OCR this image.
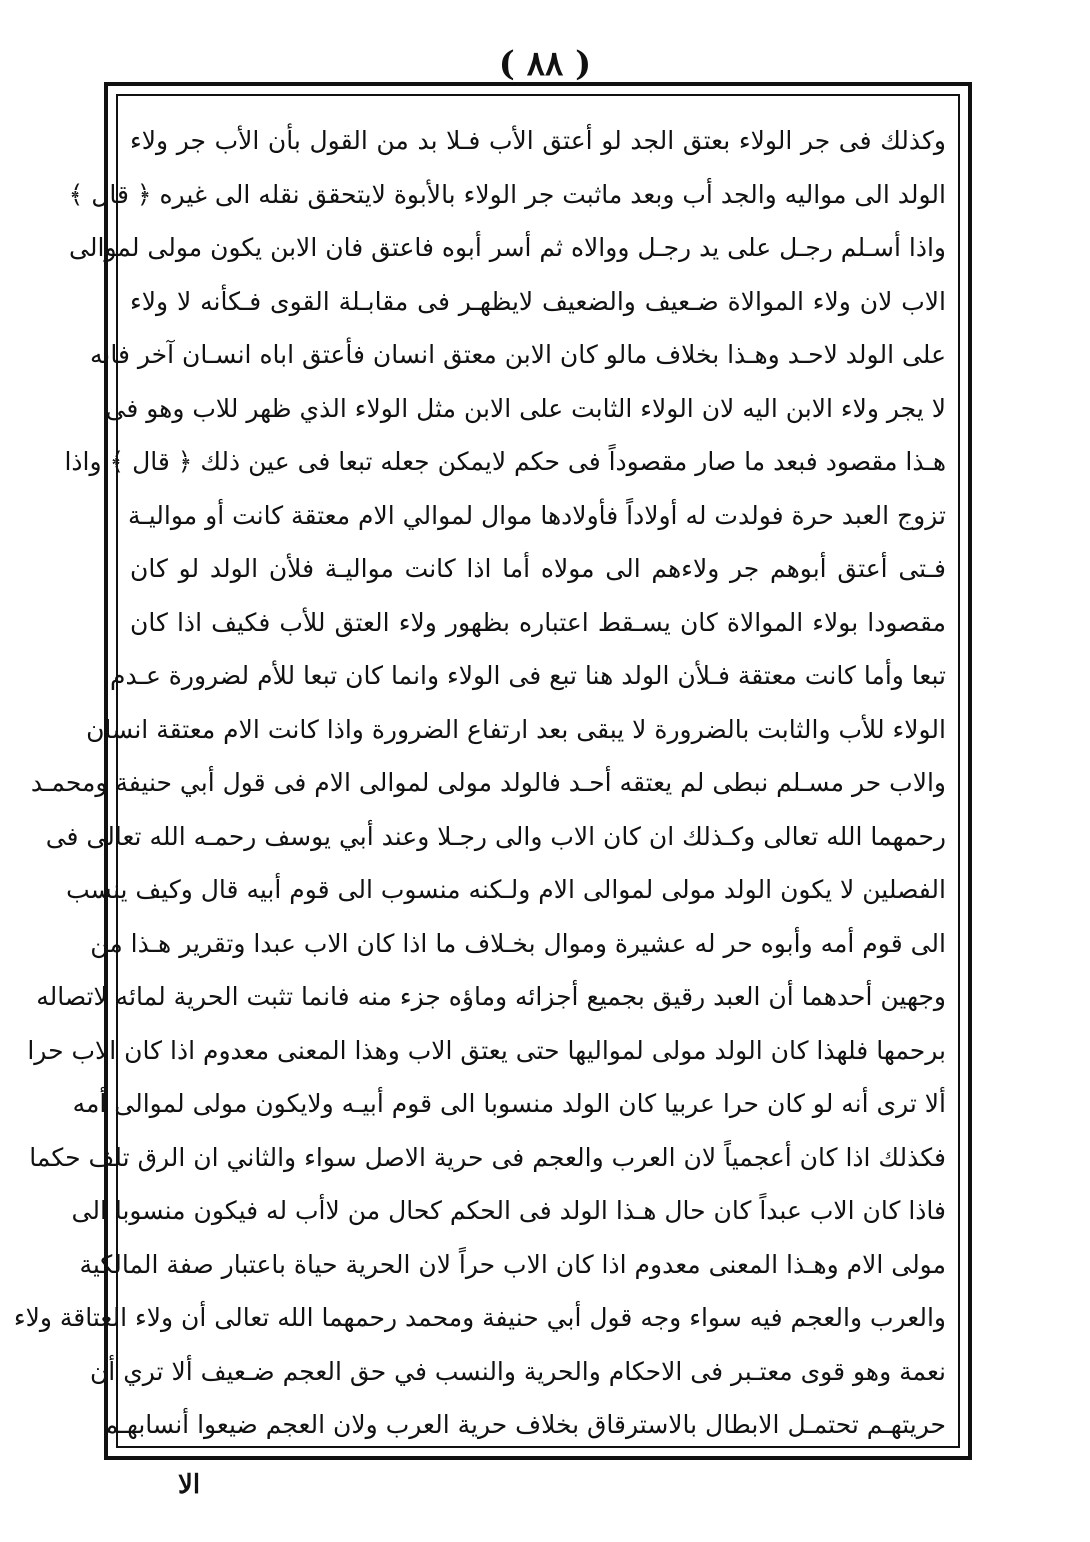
( ٨٨ )
وكذلك فى جر الولاء بعتق الجد لو أعتق الأب فـلا بد من القول بأن الأب جر ولاء
الولد الى مواليه والجد أب وبعد ماثبت جر الولاء بالأبوة لايتحقق نقله الى غيره ﴿ قال ﴾
واذا أسـلم رجـل على يد رجـل ووالاه ثم أسر أبوه فاعتق فان الابن يكون مولى لموالى
الاب لان ولاء الموالاة ضـعيف والضعيف لايظهـر فى مقابـلة القوى فـكأنه لا ولاء
على الولد لاحـد وهـذا بخلاف مالو كان الابن معتق انسان فأعتق اباه انسـان آخر فانه
لا يجر ولاء الابن اليه لان الولاء الثابت على الابن مثل الولاء الذي ظهر للاب وهو فى
هـذا مقصود فبعد ما صار مقصوداً فى حكم لايمكن جعله تبعا فى عين ذلك ﴿ قال ﴾ واذا
تزوج العبد حرة فولدت له أولاداً فأولادها موال لموالي الام معتقة كانت أو مواليـة
فـتى أعتق أبوهم جر ولاءهم الى مولاه أما اذا كانت مواليـة فلأن الولد لو كان
مقصودا بولاء الموالاة كان يسـقط اعتباره بظهور ولاء العتق للأب فكيف اذا كان
تبعا وأما كانت معتقة فـلأن الولد هنا تبع فى الولاء وانما كان تبعا للأم لضرورة عـدم
الولاء للأب والثابت بالضرورة لا يبقى بعد ارتفاع الضرورة واذا كانت الام معتقة انسان
والاب حر مسـلم نبطى لم يعتقه أحـد فالولد مولى لموالى الام فى قول أبي حنيفة ومحمـد
رحمهما الله تعالى وكـذلك ان كان الاب والى رجـلا وعند أبي يوسف رحمـه الله تعالى فى
الفصلين لا يكون الولد مولى لموالى الام ولـكنه منسوب الى قوم أبيه قال وكيف ينسب
الى قوم أمه وأبوه حر له عشيرة وموال بخـلاف ما اذا كان الاب عبدا وتقرير هـذا من
وجهين أحدهما أن العبد رقيق بجميع أجزائه وماؤه جزء منه فانما تثبت الحرية لمائه لاتصاله
برحمها فلهذا كان الولد مولى لمواليها حتى يعتق الاب وهذا المعنى معدوم اذا كان الاب حرا
ألا ترى أنه لو كان حرا عربيا كان الولد منسوبا الى قوم أبيـه ولايكون مولى لموالى أمه
فكذلك اذا كان أعجمياً لان العرب والعجم فى حرية الاصل سواء والثاني ان الرق تلف حكما
فاذا كان الاب عبداً كان حال هـذا الولد فى الحكم كحال من لاأب له فيكون منسوبا الى
مولى الام وهـذا المعنى معدوم اذا كان الاب حراً لان الحرية حياة باعتبار صفة المالكية
والعرب والعجم فيه سواء وجه قول أبي حنيفة ومحمد رحمهما الله تعالى أن ولاء العتاقة ولاء
نعمة وهو قوى معتـبر فى الاحكام والحرية والنسب في حق العجم ضـعيف ألا تري أن
حريتهـم تحتمـل الابطال بالاسترقاق بخلاف حرية العرب ولان العجم ضيعوا أنسابهـم
الا
